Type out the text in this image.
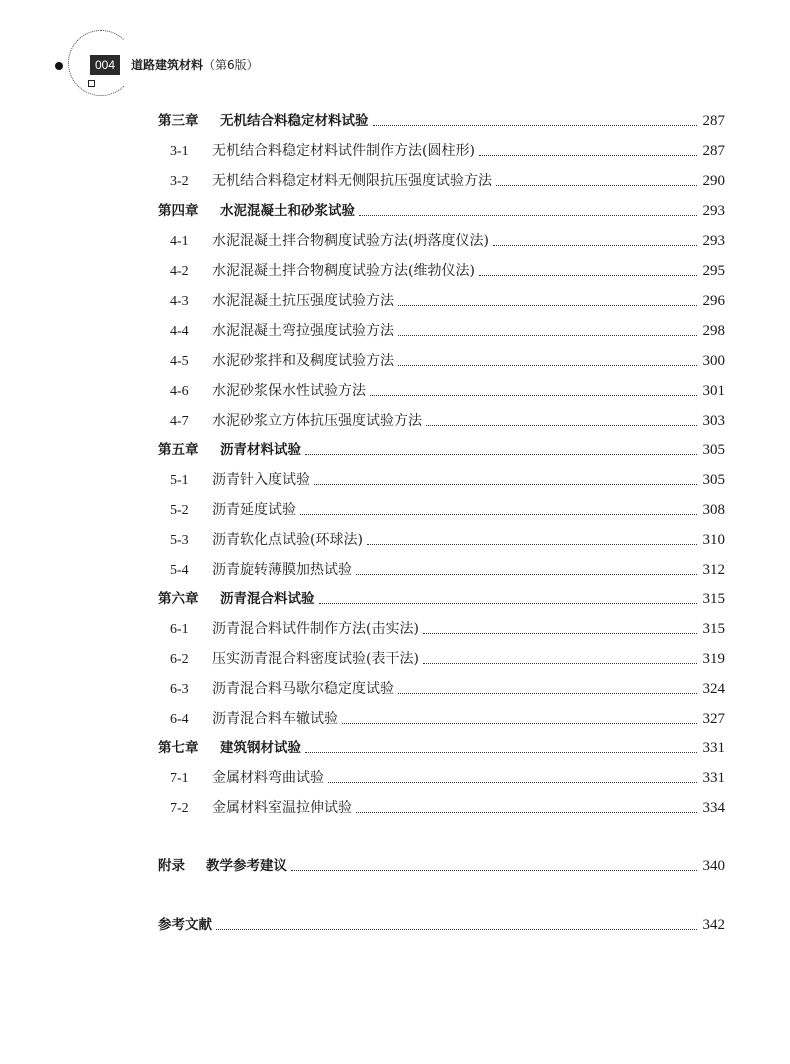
004	道路建筑材料（第6版）
第三章	无机结合料稳定材料试验	287
3-1	无机结合料稳定材料试件制作方法(圆柱形)	287
3-2	无机结合料稳定材料无侧限抗压强度试验方法	290
第四章	水泥混凝土和砂浆试验	293
4-1	水泥混凝土拌合物稠度试验方法(坍落度仪法)	293
4-2	水泥混凝土拌合物稠度试验方法(维勃仪法)	295
4-3	水泥混凝土抗压强度试验方法	296
4-4	水泥混凝土弯拉强度试验方法	298
4-5	水泥砂浆拌和及稠度试验方法	300
4-6	水泥砂浆保水性试验方法	301
4-7	水泥砂浆立方体抗压强度试验方法	303
第五章	沥青材料试验	305
5-1	沥青针入度试验	305
5-2	沥青延度试验	308
5-3	沥青软化点试验(环球法)	310
5-4	沥青旋转薄膜加热试验	312
第六章	沥青混合料试验	315
6-1	沥青混合料试件制作方法(击实法)	315
6-2	压实沥青混合料密度试验(表干法)	319
6-3	沥青混合料马歇尔稳定度试验	324
6-4	沥青混合料车辙试验	327
第七章	建筑钢材试验	331
7-1	金属材料弯曲试验	331
7-2	金属材料室温拉伸试验	334
附录	教学参考建议	340
参考文献	342
